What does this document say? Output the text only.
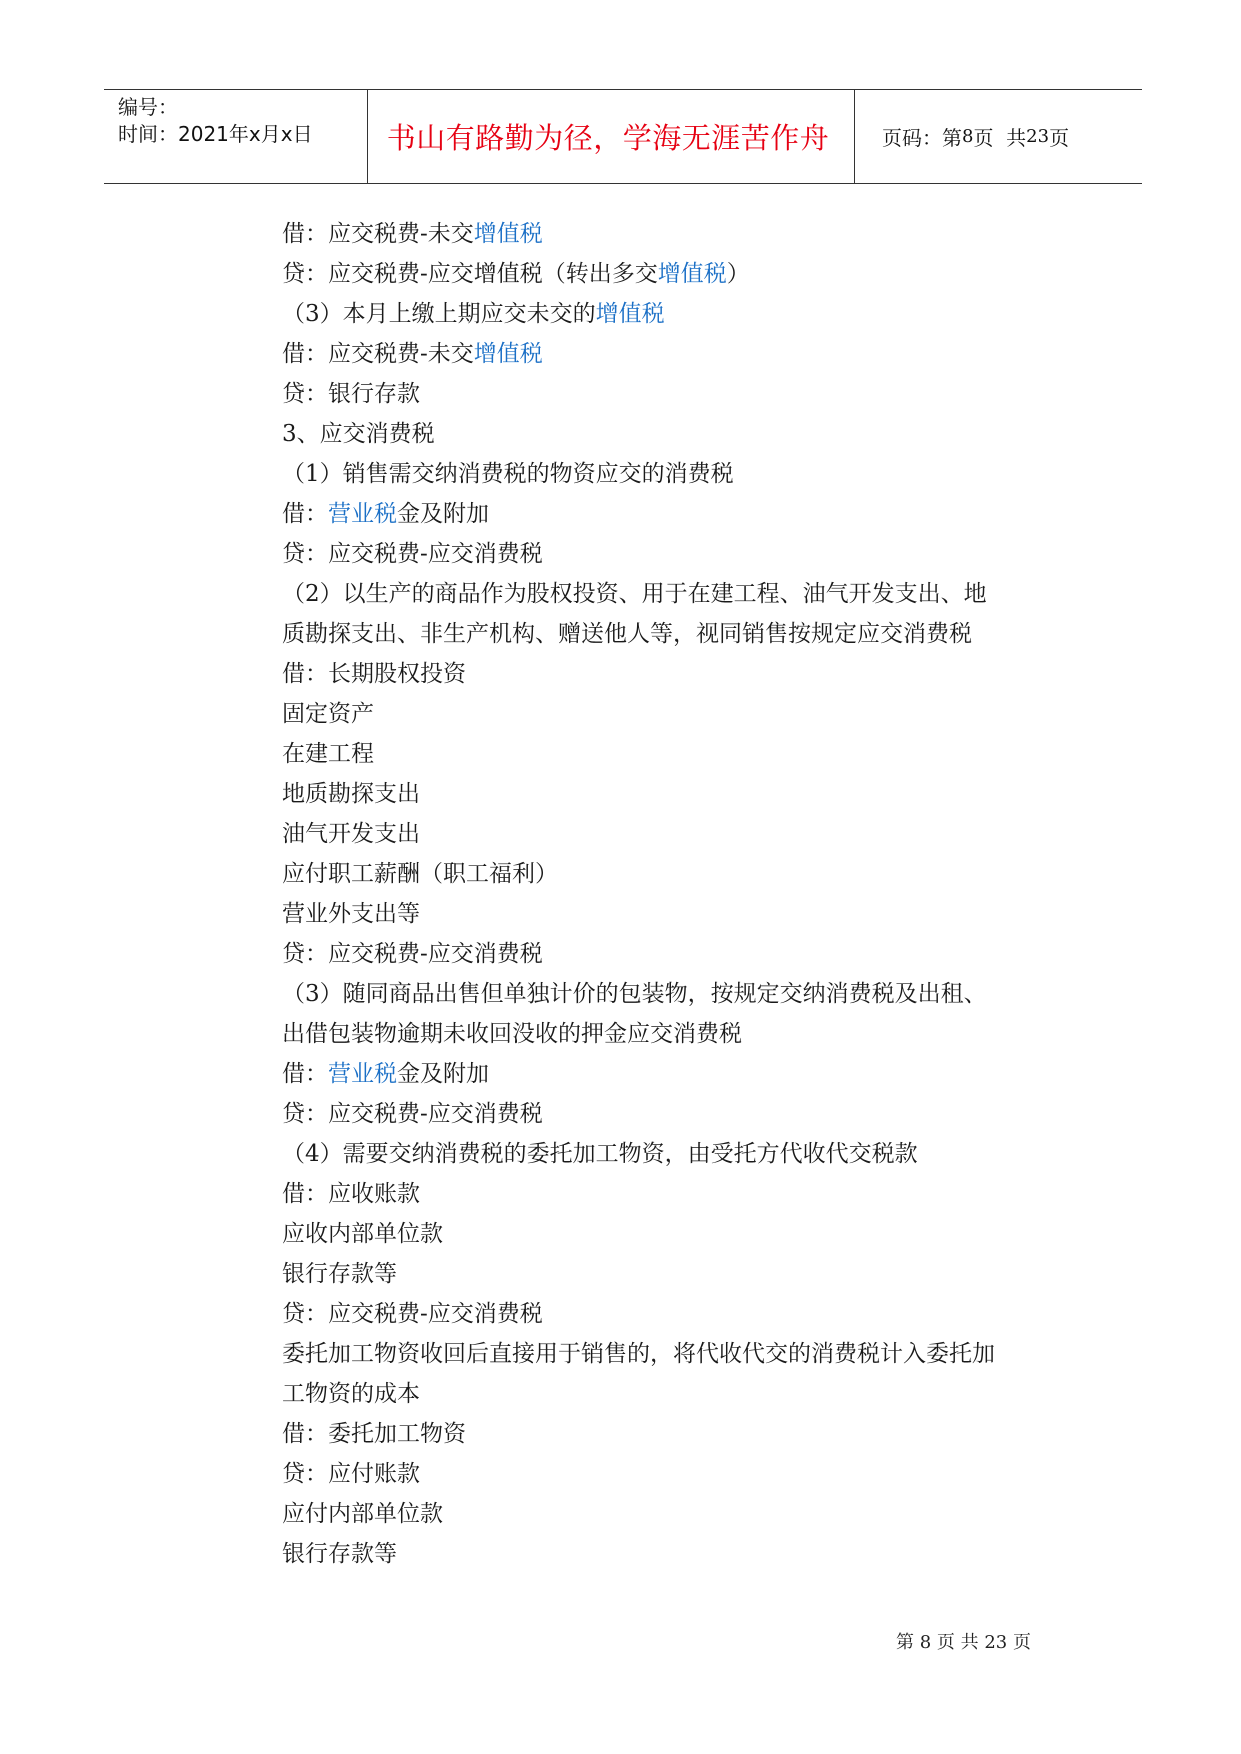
编号：
时间：2021年x月x日	书山有路勤为径，学海无涯苦作舟	页码：第 8 页  共 23 页
借：应交税费-未交增值税
贷：应交税费-应交增值税（转出多交增值税）
（3）本月上缴上期应交未交的增值税
借：应交税费-未交增值税
贷：银行存款
3、应交消费税
（1）销售需交纳消费税的物资应交的消费税
借：营业税金及附加
贷：应交税费-应交消费税
（2）以生产的商品作为股权投资、用于在建工程、油气开发支出、地
质勘探支出、非生产机构、赠送他人等，视同销售按规定应交消费税
借：长期股权投资
固定资产
在建工程
地质勘探支出
油气开发支出
应付职工薪酬（职工福利）
营业外支出等
贷：应交税费-应交消费税
（3）随同商品出售但单独计价的包装物，按规定交纳消费税及出租、
出借包装物逾期未收回没收的押金应交消费税
借：营业税金及附加
贷：应交税费-应交消费税
（4）需要交纳消费税的委托加工物资，由受托方代收代交税款
借：应收账款
应收内部单位款
银行存款等
贷：应交税费-应交消费税
委托加工物资收回后直接用于销售的，将代收代交的消费税计入委托加
工物资的成本
借：委托加工物资
贷：应付账款
应付内部单位款
银行存款等
第 8 页 共 23 页
